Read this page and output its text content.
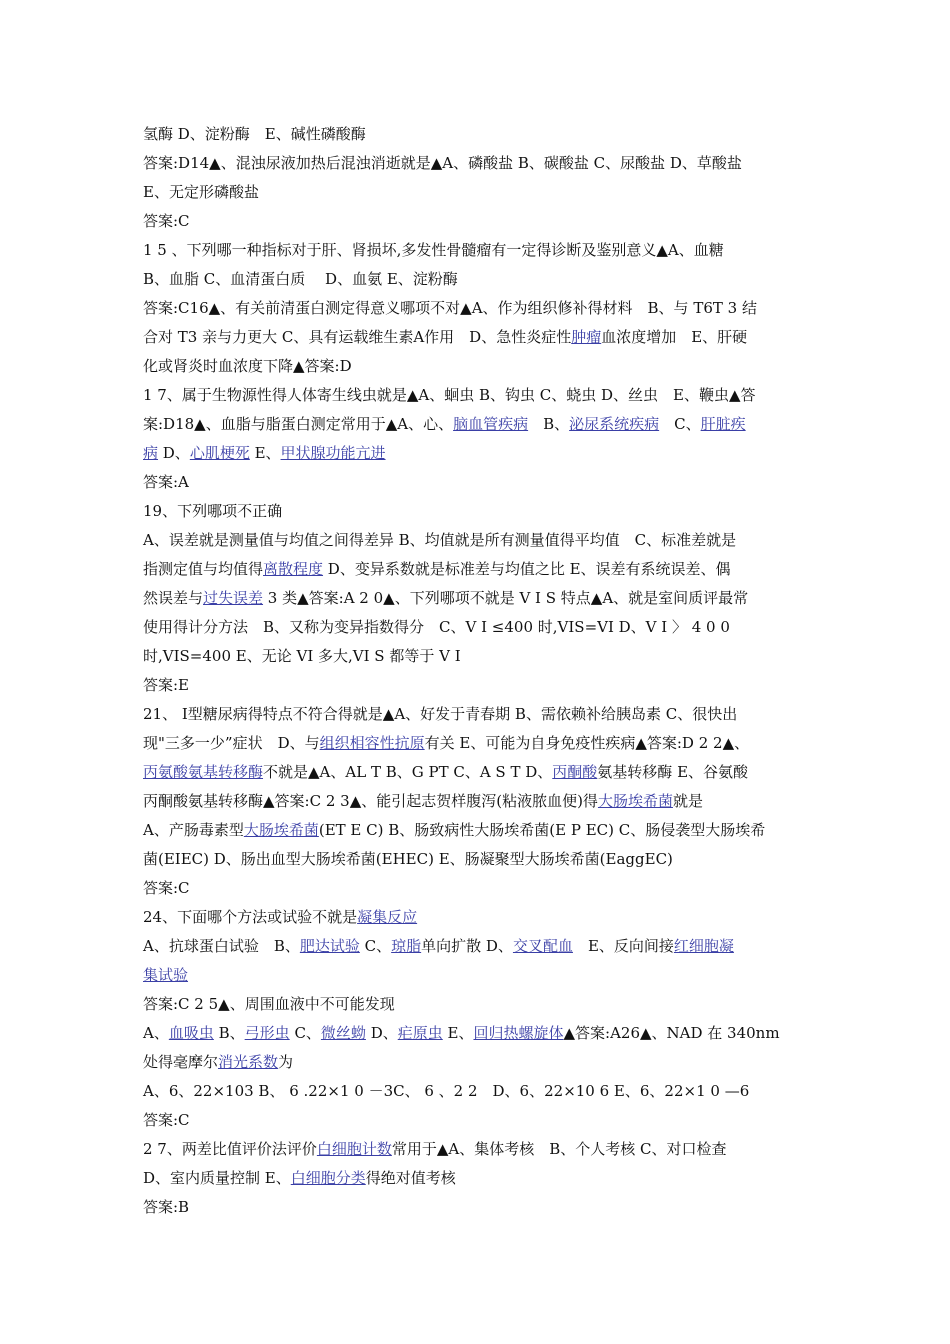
氢酶 D、淀粉酶　E、碱性磷酸酶
答案:D14▲、混浊尿液加热后混浊消逝就是▲A、磷酸盐 B、碳酸盐 C、尿酸盐 D、草酸盐
E、无定形磷酸盐
答案:C
1 5 、下列哪一种指标对于肝、肾损坏,多发性骨髓瘤有一定得诊断及鉴别意义▲A、血糖
B、血脂 C、血清蛋白质　 D、血氨 E、淀粉酶
答案:C16▲、有关前清蛋白测定得意义哪项不对▲A、作为组织修补得材料　B、与 T6T 3 结
合对 T3 亲与力更大 C、具有运载维生素A作用　D、急性炎症性肿瘤血浓度增加　E、肝硬
化或肾炎时血浓度下降▲答案:D
1 7、属于生物源性得人体寄生线虫就是▲A、蛔虫 B、钩虫 C、蛲虫 D、丝虫　E、鞭虫▲答
案:D18▲、血脂与脂蛋白测定常用于▲A、心、脑血管疾病　B、泌尿系统疾病　C、肝脏疾
病 D、心肌梗死 E、甲状腺功能亢进
答案:A
19、下列哪项不正确
A、误差就是测量值与均值之间得差异 B、均值就是所有测量值得平均值　C、标准差就是
指测定值与均值得离散程度 D、变异系数就是标准差与均值之比 E、误差有系统误差、偶
然误差与过失误差 3 类▲答案:A 2 0▲、下列哪项不就是 V I S 特点▲A、就是室间质评最常
使用得计分方法　B、又称为变异指数得分　C、V I ≤400 时,VIS=VI D、V I 〉 4 0 0
时,VIS=400 E、无论 VI 多大,VI S 都等于 V I
答案:E
21、 Ⅰ型糖尿病得特点不符合得就是▲A、好发于青春期 B、需依赖补给胰岛素 C、很快出
现"三多一少”症状　D、与组织相容性抗原有关 E、可能为自身免疫性疾病▲答案:D 2 2▲、
丙氨酸氨基转移酶不就是▲A、AL T B、G PT C、A S T D、丙酮酸氨基转移酶 E、谷氨酸
丙酮酸氨基转移酶▲答案:C 2 3▲、能引起志贺样腹泻(粘液脓血便)得大肠埃希菌就是
A、产肠毒素型大肠埃希菌(ET E C) B、肠致病性大肠埃希菌(E P EC) C、肠侵袭型大肠埃希
菌(EIEC) D、肠出血型大肠埃希菌(EHEC) E、肠凝聚型大肠埃希菌(EaggEC)
答案:C
24、下面哪个方法或试验不就是凝集反应
A、抗球蛋白试验　B、肥达试验 C、琼脂单向扩散 D、交叉配血　E、反向间接红细胞凝
集试验
答案:C 2 5▲、周围血液中不可能发现
A、血吸虫 B、弓形虫 C、微丝蚴 D、疟原虫 E、回归热螺旋体▲答案:A26▲、NAD 在 340nm
处得毫摩尔消光系数为
A、6、22×103 B、 6 .22×1 0 －3C、 6 、2 2　D、6、22×10 6 E、6、22×1 0 —6
答案:C
2 7、两差比值评价法评价白细胞计数常用于▲A、集体考核　B、个人考核 C、对口检查
D、室内质量控制 E、白细胞分类得绝对值考核
答案:B
